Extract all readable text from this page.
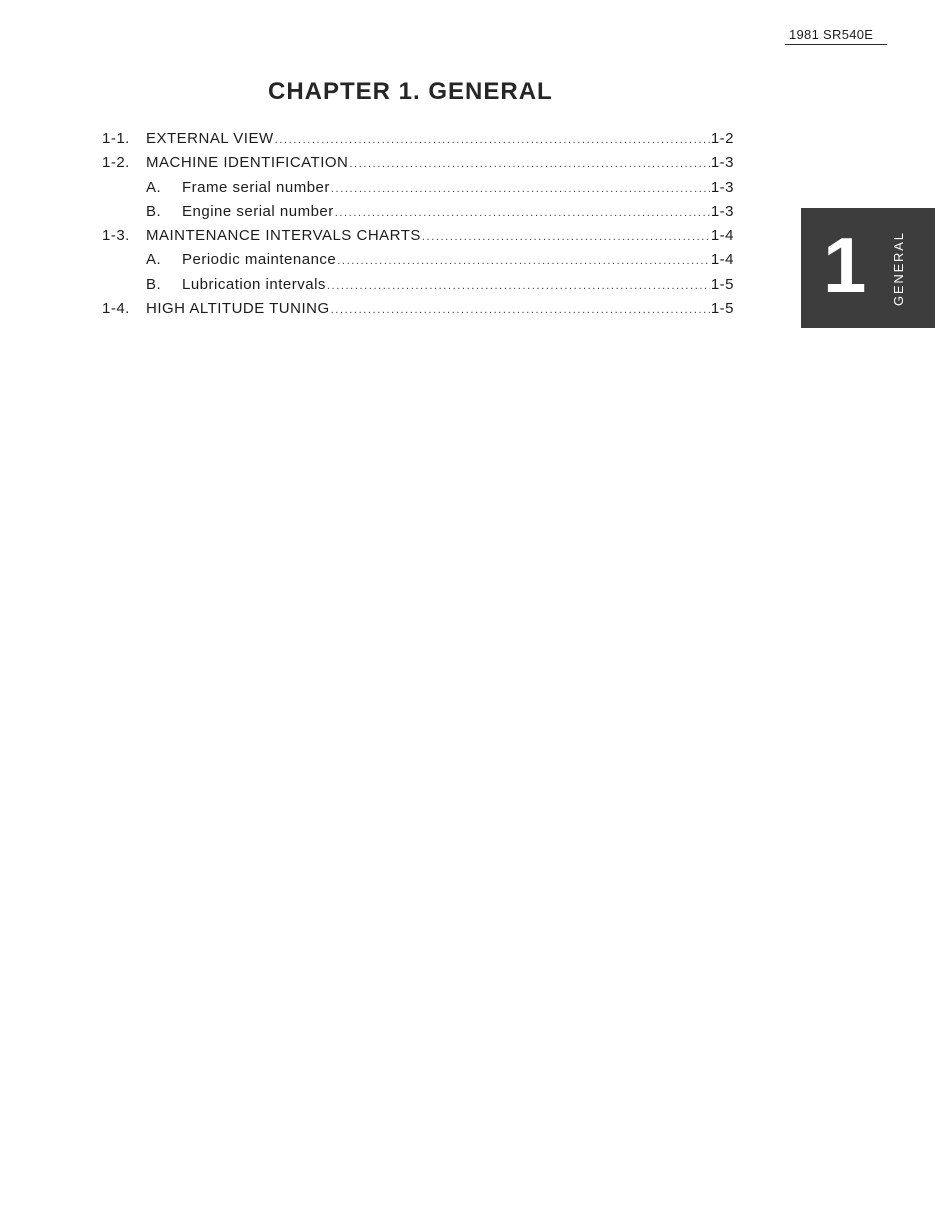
1981 SR540E
CHAPTER 1. GENERAL
1-1.	EXTERNAL VIEW .....	1-2
1-2.	MACHINE IDENTIFICATION .....	1-3
A.	Frame serial number .....	1-3
B.	Engine serial number .....	1-3
1-3.	MAINTENANCE INTERVALS CHARTS .....	1-4
A.	Periodic maintenance .....	1-4
B.	Lubrication intervals .....	1-5
1-4.	HIGH ALTITUDE TUNING .....	1-5 1 GENERAL
